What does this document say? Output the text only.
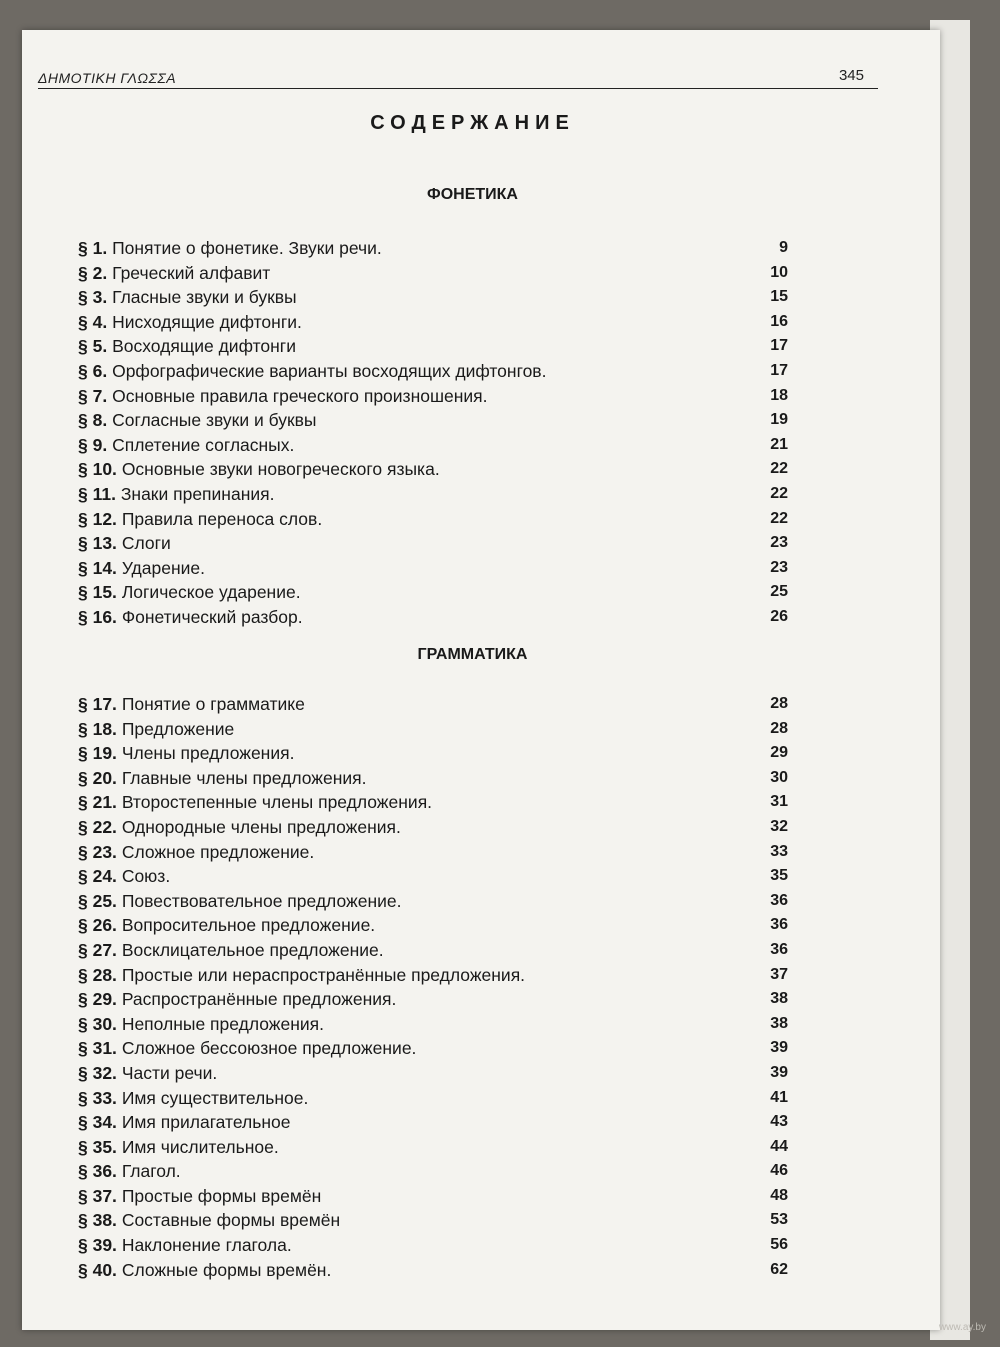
ΔΗΜΟΤΙΚΗ ΓΛΩΣΣΑ	345
СОДЕРЖАНИЕ
ФОНЕТИКА
§ 1. Понятие о фонетике. Звуки речи.	9
§ 2. Греческий алфавит	10
§ 3. Гласные звуки и буквы	15
§ 4. Нисходящие дифтонги.	16
§ 5. Восходящие дифтонги	17
§ 6. Орфографические варианты восходящих дифтонгов.	17
§ 7. Основные правила греческого произношения.	18
§ 8. Согласные звуки и буквы	19
§ 9. Сплетение согласных.	21
§ 10. Основные звуки новогреческого языка.	22
§ 11. Знаки препинания.	22
§ 12. Правила переноса слов.	22
§ 13. Слоги	23
§ 14. Ударение.	23
§ 15. Логическое ударение.	25
§ 16. Фонетический разбор.	26
ГРАММАТИКА
§ 17. Понятие о грамматике	28
§ 18. Предложение	28
§ 19. Члены предложения.	29
§ 20. Главные члены предложения.	30
§ 21. Второстепенные члены предложения.	31
§ 22. Однородные члены предложения.	32
§ 23. Сложное предложение.	33
§ 24. Союз.	35
§ 25. Повествовательное предложение.	36
§ 26. Вопросительное предложение.	36
§ 27. Восклицательное предложение.	36
§ 28. Простые или нераспространённые предложения.	37
§ 29. Распространённые предложения.	38
§ 30. Неполные предложения.	38
§ 31. Сложное бессоюзное предложение.	39
§ 32. Части речи.	39
§ 33. Имя существительное.	41
§ 34. Имя прилагательное	43
§ 35. Имя числительное.	44
§ 36. Глагол.	46
§ 37. Простые формы времён	48
§ 38. Составные формы времён	53
§ 39. Наклонение глагола.	56
§ 40. Сложные формы времён.	62
www.ay.by
